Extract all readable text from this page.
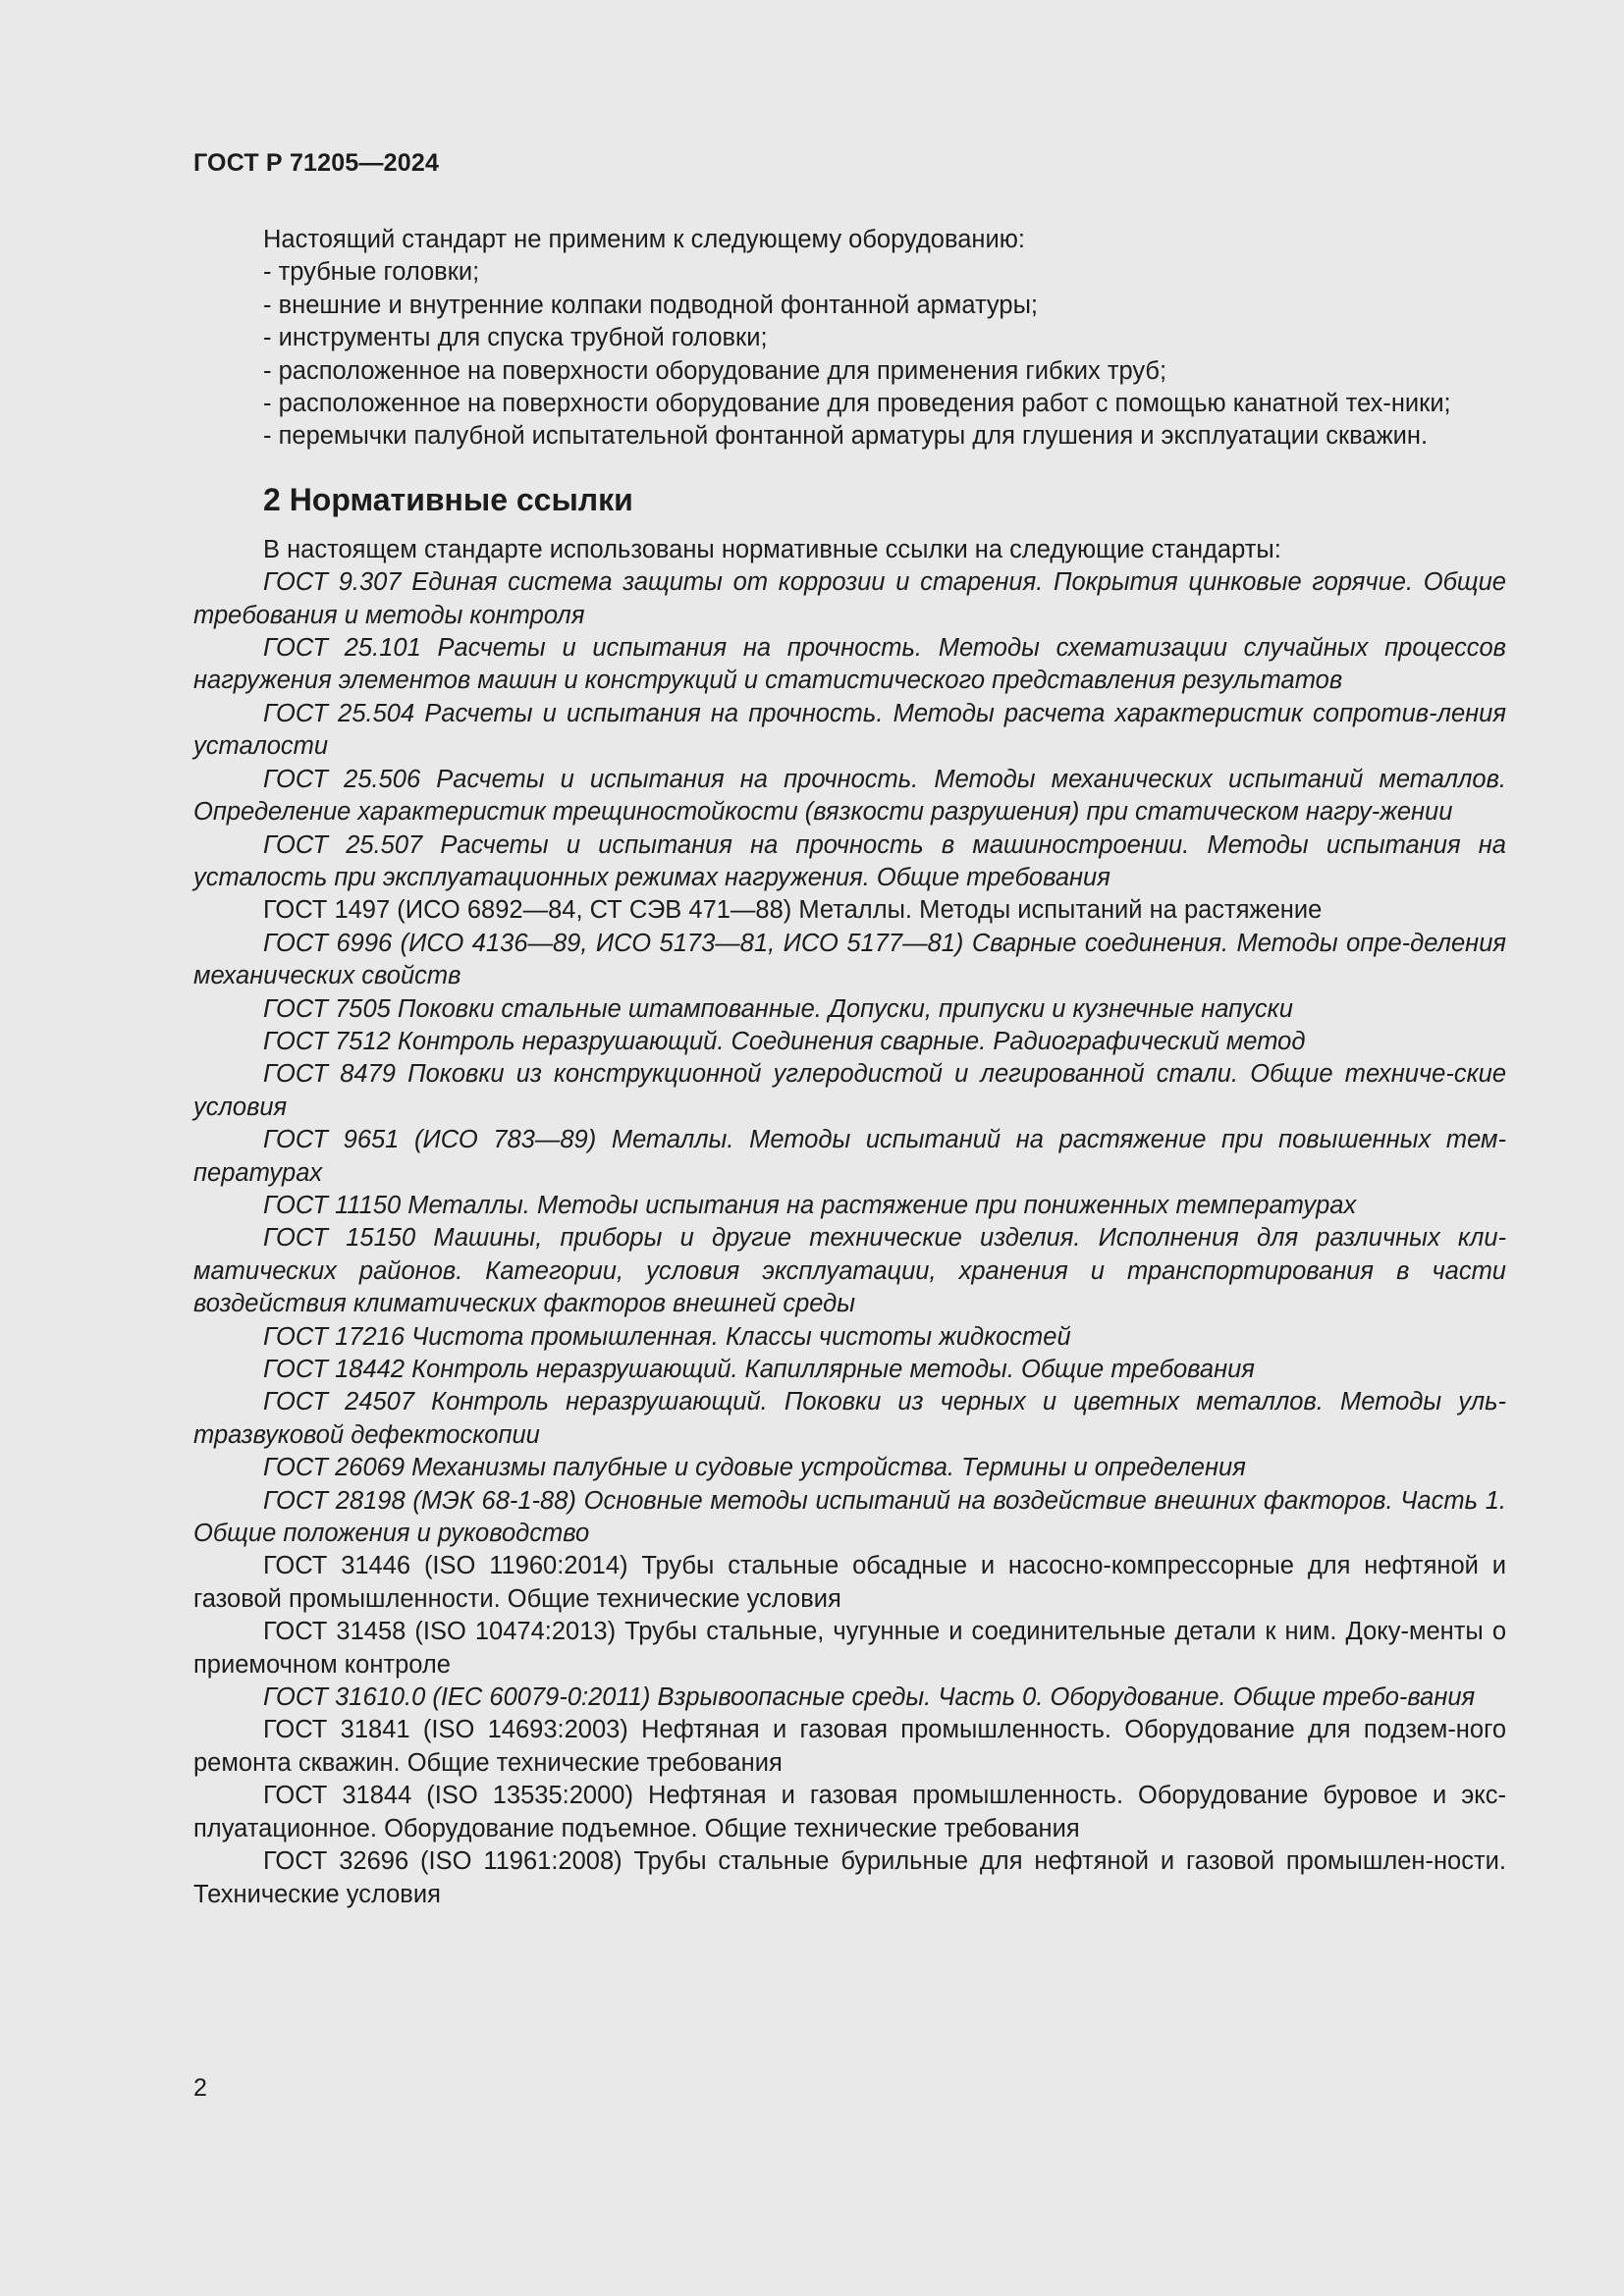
ГОСТ Р 71205—2024

Настоящий стандарт не применим к следующему оборудованию:

- трубные головки;
- внешние и внутренние колпаки подводной фонтанной арматуры;
- инструменты для спуска трубной головки;
- расположенное на поверхности оборудование для применения гибких труб;
- расположенное на поверхности оборудование для проведения работ с помощью канатной тех-ники;
- перемычки палубной испытательной фонтанной арматуры для глушения и эксплуатации скважин.
2 Нормативные ссылки

В настоящем стандарте использованы нормативные ссылки на следующие стандарты:

ГОСТ 9.307 Единая система защиты от коррозии и старения. Покрытия цинковые горячие. Общие требования и методы контроля

ГОСТ 25.101 Расчеты и испытания на прочность. Методы схематизации случайных процессов нагружения элементов машин и конструкций и статистического представления результатов

ГОСТ 25.504 Расчеты и испытания на прочность. Методы расчета характеристик сопротив-ления усталости

ГОСТ 25.506 Расчеты и испытания на прочность. Методы механических испытаний металлов. Определение характеристик трещиностойкости (вязкости разрушения) при статическом нагру-жении

ГОСТ 25.507 Расчеты и испытания на прочность в машиностроении. Методы испытания на усталость при эксплуатационных режимах нагружения. Общие требования

ГОСТ 1497 (ИСО 6892—84, СТ СЭВ 471—88) Металлы. Методы испытаний на растяжение

ГОСТ 6996 (ИСО 4136—89, ИСО 5173—81, ИСО 5177—81) Сварные соединения. Методы опре-деления механических свойств

ГОСТ 7505 Поковки стальные штампованные. Допуски, припуски и кузнечные напуски

ГОСТ 7512 Контроль неразрушающий. Соединения сварные. Радиографический метод

ГОСТ 8479 Поковки из конструкционной углеродистой и легированной стали. Общие техниче-ские условия

ГОСТ 9651 (ИСО 783—89) Металлы. Методы испытаний на растяжение при повышенных тем-пературах

ГОСТ 11150 Металлы. Методы испытания на растяжение при пониженных температурах

ГОСТ 15150 Машины, приборы и другие технические изделия. Исполнения для различных кли-матических районов. Категории, условия эксплуатации, хранения и транспортирования в части воздействия климатических факторов внешней среды

ГОСТ 17216 Чистота промышленная. Классы чистоты жидкостей

ГОСТ 18442 Контроль неразрушающий. Капиллярные методы. Общие требования

ГОСТ 24507 Контроль неразрушающий. Поковки из черных и цветных металлов. Методы уль-тразвуковой дефектоскопии

ГОСТ 26069 Механизмы палубные и судовые устройства. Термины и определения

ГОСТ 28198 (МЭК 68-1-88) Основные методы испытаний на воздействие внешних факторов. Часть 1. Общие положения и руководство

ГОСТ 31446 (ISO 11960:2014) Трубы стальные обсадные и насосно-компрессорные для нефтяной и газовой промышленности. Общие технические условия

ГОСТ 31458 (ISO 10474:2013) Трубы стальные, чугунные и соединительные детали к ним. Доку-менты о приемочном контроле

ГОСТ 31610.0 (IEC 60079-0:2011) Взрывоопасные среды. Часть 0. Оборудование. Общие требо-вания

ГОСТ 31841 (ISO 14693:2003) Нефтяная и газовая промышленность. Оборудование для подзем-ного ремонта скважин. Общие технические требования

ГОСТ 31844 (ISO 13535:2000) Нефтяная и газовая промышленность. Оборудование буровое и экс-плуатационное. Оборудование подъемное. Общие технические требования

ГОСТ 32696 (ISO 11961:2008) Трубы стальные бурильные для нефтяной и газовой промышлен-ности. Технические условия

2
